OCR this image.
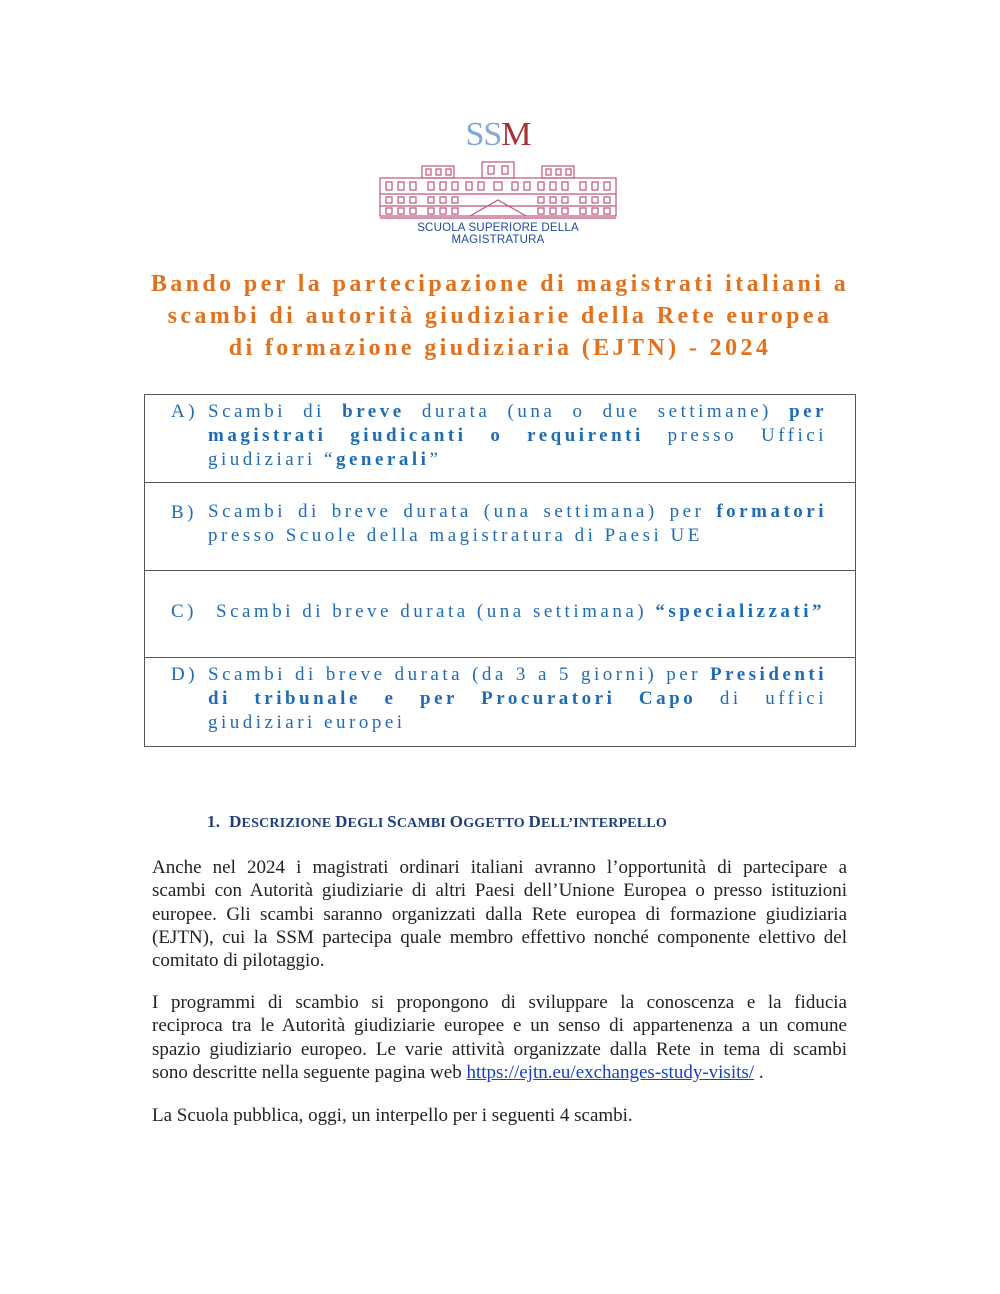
SSM
SCUOLA SUPERIORE DELLA MAGISTRATURA
Bando per la partecipazione di magistrati italiani a
scambi di autorità giudiziarie della Rete europea
di formazione giudiziaria (EJTN) - 2024
A) Scambi di breve durata (una o due settimane) per
magistrati giudicanti o requirenti presso Uffici
giudiziari “generali”
B) Scambi di breve durata (una settimana) per formatori
presso Scuole della magistratura di Paesi UE
C) Scambi di breve durata (una settimana) “specializzati”
D) Scambi di breve durata (da 3 a 5 giorni) per Presidenti
di tribunale e per Procuratori Capo di uffici
giudiziari europei
1. DESCRIZIONE DEGLI SCAMBI OGGETTO DELL’INTERPELLO
Anche nel 2024 i magistrati ordinari italiani avranno l’opportunità di partecipare a
scambi con Autorità giudiziarie di altri Paesi dell’Unione Europea o presso istituzioni
europee. Gli scambi saranno organizzati dalla Rete europea di formazione giudiziaria
(EJTN), cui la SSM partecipa quale membro effettivo nonché componente elettivo del
comitato di pilotaggio.
I programmi di scambio si propongono di sviluppare la conoscenza e la fiducia
reciproca tra le Autorità giudiziarie europee e un senso di appartenenza a un comune
spazio giudiziario europeo. Le varie attività organizzate dalla Rete in tema di scambi
sono descritte nella seguente pagina web https://ejtn.eu/exchanges-study-visits/ .
La Scuola pubblica, oggi, un interpello per i seguenti 4 scambi.
